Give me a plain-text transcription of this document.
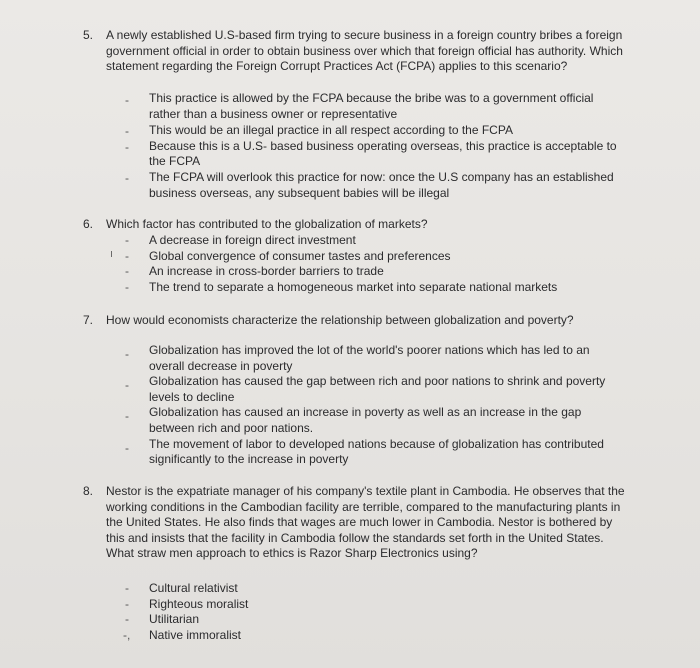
5.	A newly established U.S-based firm trying to secure business in a foreign country bribes a foreign government official in order to obtain business over which that foreign official has authority. Which statement regarding the Foreign Corrupt Practices Act (FCPA) applies to this scenario?
- This practice is allowed by the FCPA because the bribe was to a government official rather than a business owner or representative
- This would be an illegal practice in all respect according to the FCPA
- Because this is a U.S- based business operating overseas, this practice is acceptable to the FCPA
- The FCPA will overlook this practice for now: once the U.S company has an established business overseas, any subsequent babies will be illegal
6.	Which factor has contributed to the globalization of markets?
ı
- A decrease in foreign direct investment
- Global convergence of consumer tastes and preferences
- An increase in cross-border barriers to trade
- The trend to separate a homogeneous market into separate national markets
7.	How would economists characterize the relationship between globalization and poverty?
- Globalization has improved the lot of the world's poorer nations which has led to an overall decrease in poverty
- Globalization has caused the gap between rich and poor nations to shrink and poverty levels to decline
- Globalization has caused an increase in poverty as well as an increase in the gap between rich and poor nations.
- The movement of labor to developed nations because of globalization has contributed significantly to the increase in poverty
8.	Nestor is the expatriate manager of his company's textile plant in Cambodia. He observes that the working conditions in the Cambodian facility are terrible, compared to the manufacturing plants in the United States. He also finds that wages are much lower in Cambodia. Nestor is bothered by this and insists that the facility in Cambodia follow the standards set forth in the United States. What straw men approach to ethics is Razor Sharp Electronics using?
- Cultural relativist
- Righteous moralist
- Utilitarian
-, Native immoralist
